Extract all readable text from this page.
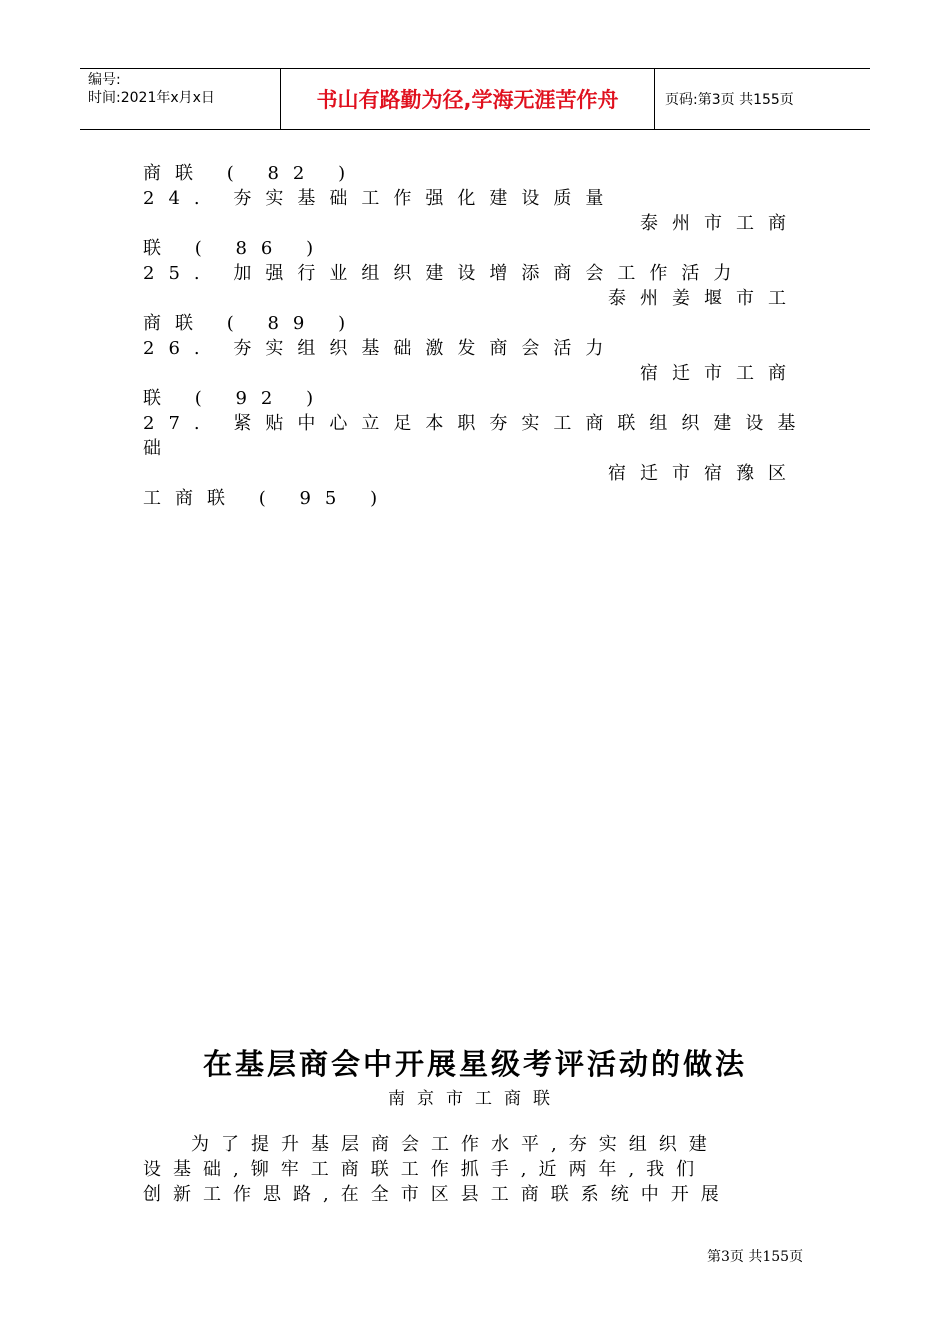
编号:
时间:2021年x月x日	书山有路勤为径,学海无涯苦作舟	页码:第3页 共155页
商联 ( 82 )
24. 夯实基础工作强化建设质量
泰州市工商
联 ( 86 )
25. 加强行业组织建设增添商会工作活力
泰州姜堰市工
商联 ( 89 )
26. 夯实组织基础激发商会活力
宿迁市工商
联 ( 92 )
27. 紧贴中心立足本职夯实工商联组织建设基
础
宿迁市宿豫区
工商联 ( 95 )
在基层商会中开展星级考评活动的做法
南京市工商联
为了提升基层商会工作水平,夯实组织建
设基础,铆牢工商联工作抓手,近两年,我们
创新工作思路,在全市区县工商联系统中开展
第3页 共155页
